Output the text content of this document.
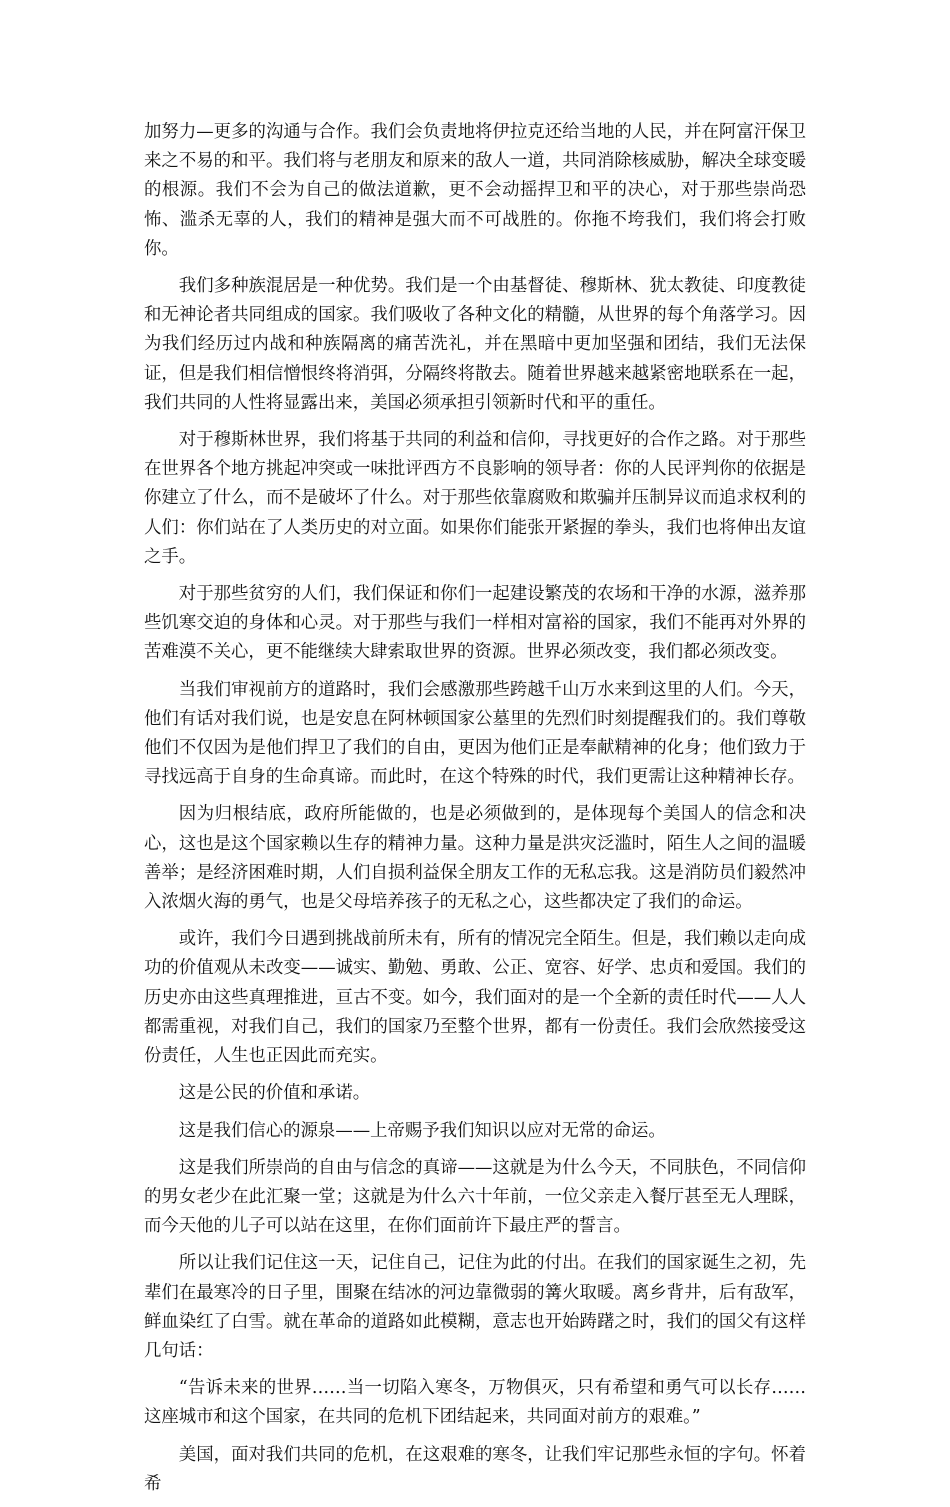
加努力—更多的沟通与合作。我们会负责地将伊拉克还给当地的人民，并在阿富汗保卫来之不易的和平。我们将与老朋友和原来的敌人一道，共同消除核威胁，解决全球变暖的根源。我们不会为自己的做法道歉，更不会动摇捍卫和平的决心，对于那些崇尚恐怖、滥杀无辜的人，我们的精神是强大而不可战胜的。你拖不垮我们，我们将会打败你。

我们多种族混居是一种优势。我们是一个由基督徒、穆斯林、犹太教徒、印度教徒和无神论者共同组成的国家。我们吸收了各种文化的精髓，从世界的每个角落学习。因为我们经历过内战和种族隔离的痛苦洗礼，并在黑暗中更加坚强和团结，我们无法保证，但是我们相信憎恨终将消弭，分隔终将散去。随着世界越来越紧密地联系在一起，我们共同的人性将显露出来，美国必须承担引领新时代和平的重任。

对于穆斯林世界，我们将基于共同的利益和信仰，寻找更好的合作之路。对于那些在世界各个地方挑起冲突或一味批评西方不良影响的领导者：你的人民评判你的依据是你建立了什么，而不是破坏了什么。对于那些依靠腐败和欺骗并压制异议而追求权利的人们：你们站在了人类历史的对立面。如果你们能张开紧握的拳头，我们也将伸出友谊之手。

对于那些贫穷的人们，我们保证和你们一起建设繁茂的农场和干净的水源，滋养那些饥寒交迫的身体和心灵。对于那些与我们一样相对富裕的国家，我们不能再对外界的苦难漠不关心，更不能继续大肆索取世界的资源。世界必须改变，我们都必须改变。

当我们审视前方的道路时，我们会感激那些跨越千山万水来到这里的人们。今天，他们有话对我们说，也是安息在阿林顿国家公墓里的先烈们时刻提醒我们的。我们尊敬他们不仅因为是他们捍卫了我们的自由，更因为他们正是奉献精神的化身；他们致力于寻找远高于自身的生命真谛。而此时，在这个特殊的时代，我们更需让这种精神长存。

因为归根结底，政府所能做的，也是必须做到的，是体现每个美国人的信念和决心，这也是这个国家赖以生存的精神力量。这种力量是洪灾泛滥时，陌生人之间的温暖善举；是经济困难时期，人们自损利益保全朋友工作的无私忘我。这是消防员们毅然冲入浓烟火海的勇气，也是父母培养孩子的无私之心，这些都决定了我们的命运。

或许，我们今日遇到挑战前所未有，所有的情况完全陌生。但是，我们赖以走向成功的价值观从未改变——诚实、勤勉、勇敢、公正、宽容、好学、忠贞和爱国。我们的历史亦由这些真理推进，亘古不变。如今，我们面对的是一个全新的责任时代——人人都需重视，对我们自己，我们的国家乃至整个世界，都有一份责任。我们会欣然接受这份责任，人生也正因此而充实。

这是公民的价值和承诺。

这是我们信心的源泉——上帝赐予我们知识以应对无常的命运。

这是我们所崇尚的自由与信念的真谛——这就是为什么今天，不同肤色，不同信仰的男女老少在此汇聚一堂；这就是为什么六十年前，一位父亲走入餐厅甚至无人理睬，而今天他的儿子可以站在这里，在你们面前许下最庄严的誓言。

所以让我们记住这一天，记住自己，记住为此的付出。在我们的国家诞生之初，先辈们在最寒冷的日子里，围聚在结冰的河边靠微弱的篝火取暖。离乡背井，后有敌军，鲜血染红了白雪。就在革命的道路如此模糊，意志也开始踌躇之时，我们的国父有这样几句话：

“告诉未来的世界……当一切陷入寒冬，万物俱灭，只有希望和勇气可以长存……这座城市和这个国家，在共同的危机下团结起来，共同面对前方的艰难。”

美国，面对我们共同的危机，在这艰难的寒冬，让我们牢记那些永恒的字句。怀着希
